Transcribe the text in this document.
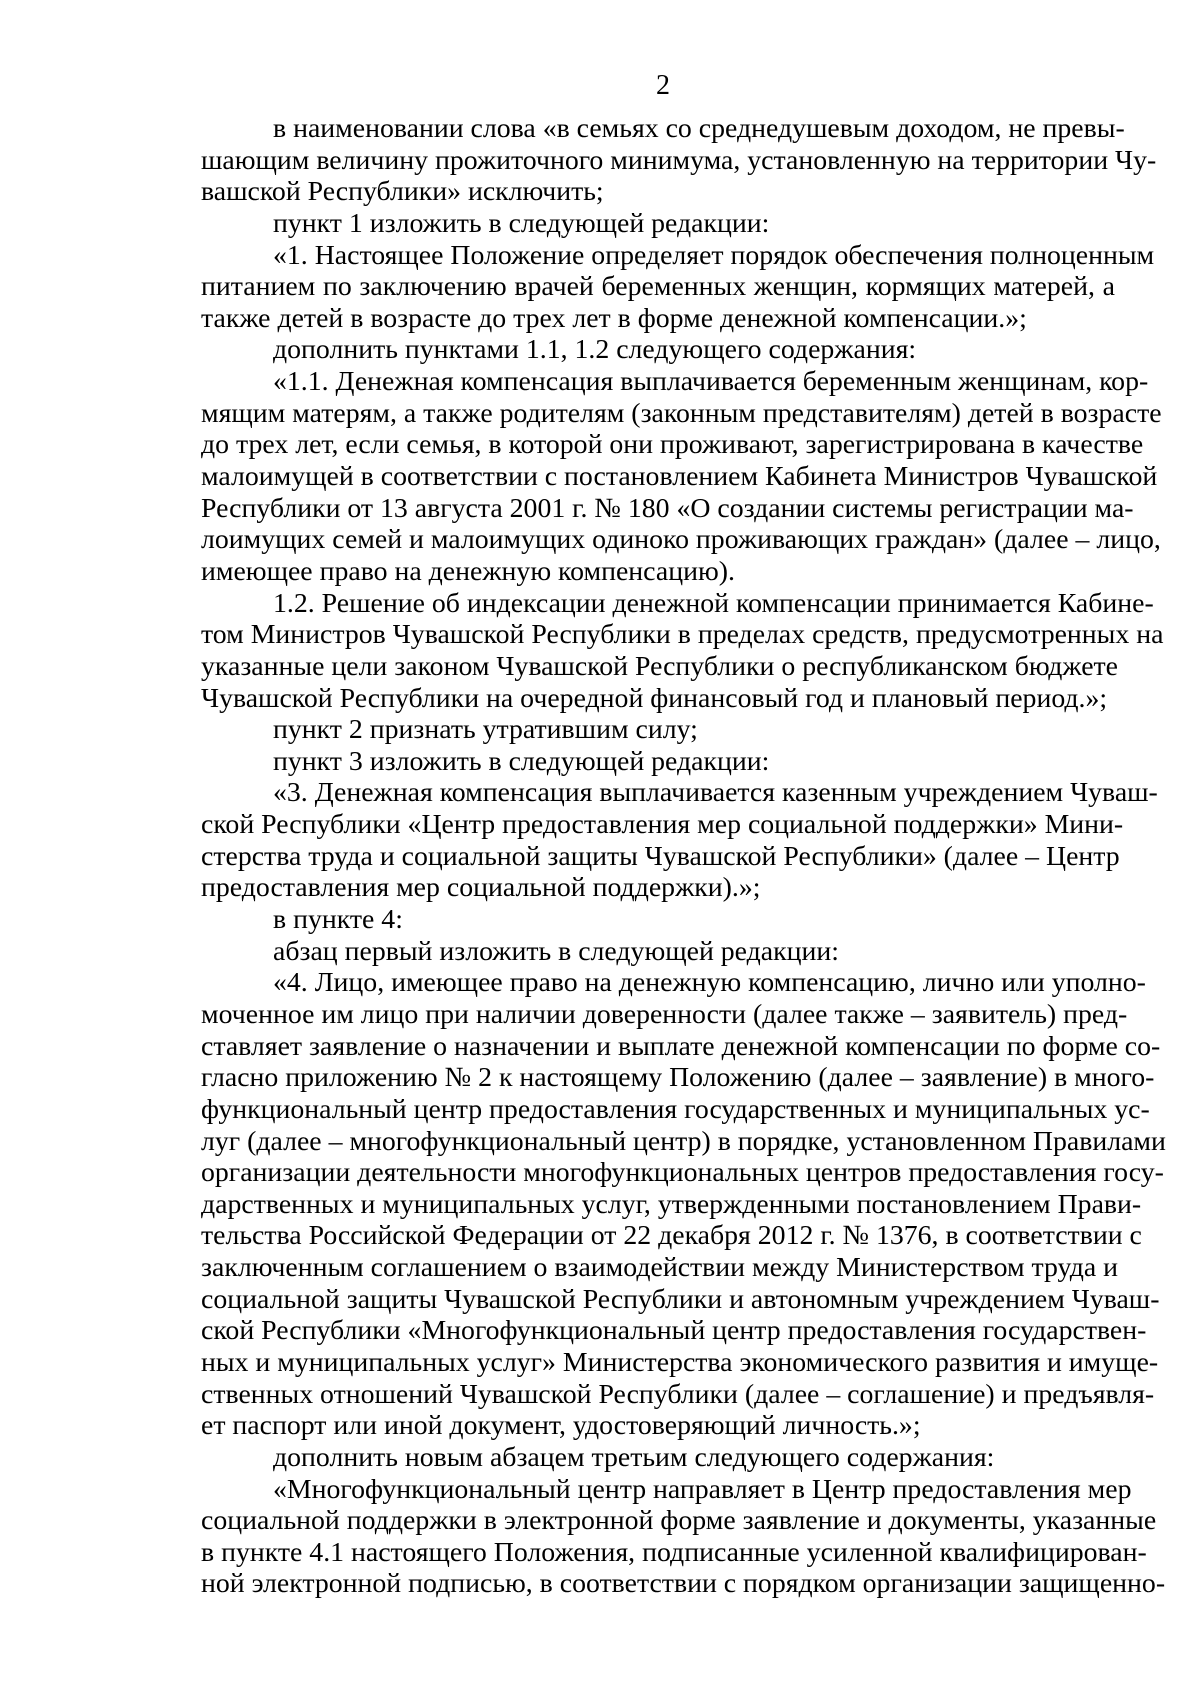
2
в наименовании слова «в семьях со среднедушевым доходом, не превы-
шающим величину прожиточного минимума, установленную на территории Чу-
вашской Республики» исключить;
пункт 1 изложить в следующей редакции:
«1. Настоящее Положение определяет порядок обеспечения полноценным
питанием по заключению врачей беременных женщин, кормящих матерей, а
также детей в возрасте до трех лет в форме денежной компенсации.»;
дополнить пунктами 1.1, 1.2 следующего содержания:
«1.1. Денежная компенсация выплачивается беременным женщинам, кор-
мящим матерям, а также родителям (законным представителям) детей в возрасте
до трех лет, если семья, в которой они проживают, зарегистрирована в качестве
малоимущей в соответствии с постановлением Кабинета Министров Чувашской
Республики от 13 августа 2001 г. № 180 «О создании системы регистрации ма-
лоимущих семей и малоимущих одиноко проживающих граждан» (далее – лицо,
имеющее право на денежную компенсацию).
1.2. Решение об индексации денежной компенсации принимается Кабине-
том Министров Чувашской Республики в пределах средств, предусмотренных на
указанные цели законом Чувашской Республики о республиканском бюджете
Чувашской Республики на очередной финансовый год и плановый период.»;
пункт 2 признать утратившим силу;
пункт 3 изложить в следующей редакции:
«3. Денежная компенсация выплачивается казенным учреждением Чуваш-
ской Республики «Центр предоставления мер социальной поддержки» Мини-
стерства труда и социальной защиты Чувашской Республики» (далее – Центр
предоставления мер социальной поддержки).»;
в пункте 4:
абзац первый изложить в следующей редакции:
«4. Лицо, имеющее право на денежную компенсацию, лично или уполно-
моченное им лицо при наличии доверенности (далее также – заявитель) пред-
ставляет заявление о назначении и выплате денежной компенсации по форме со-
гласно приложению № 2 к настоящему Положению (далее – заявление) в много-
функциональный центр предоставления государственных и муниципальных ус-
луг (далее – многофункциональный центр) в порядке, установленном Правилами
организации деятельности многофункциональных центров предоставления госу-
дарственных и муниципальных услуг, утвержденными постановлением Прави-
тельства Российской Федерации от 22 декабря 2012 г. № 1376, в соответствии с
заключенным соглашением о взаимодействии между Министерством труда и
социальной защиты Чувашской Республики и автономным учреждением Чуваш-
ской Республики «Многофункциональный центр предоставления государствен-
ных и муниципальных услуг» Министерства экономического развития и имуще-
ственных отношений Чувашской Республики (далее – соглашение) и предъявля-
ет паспорт или иной документ, удостоверяющий личность.»;
дополнить новым абзацем третьим следующего содержания:
«Многофункциональный центр направляет в Центр предоставления мер
социальной поддержки в электронной форме заявление и документы, указанные
в пункте 4.1 настоящего Положения, подписанные усиленной квалифицирован-
ной электронной подписью, в соответствии с порядком организации защищенно-
